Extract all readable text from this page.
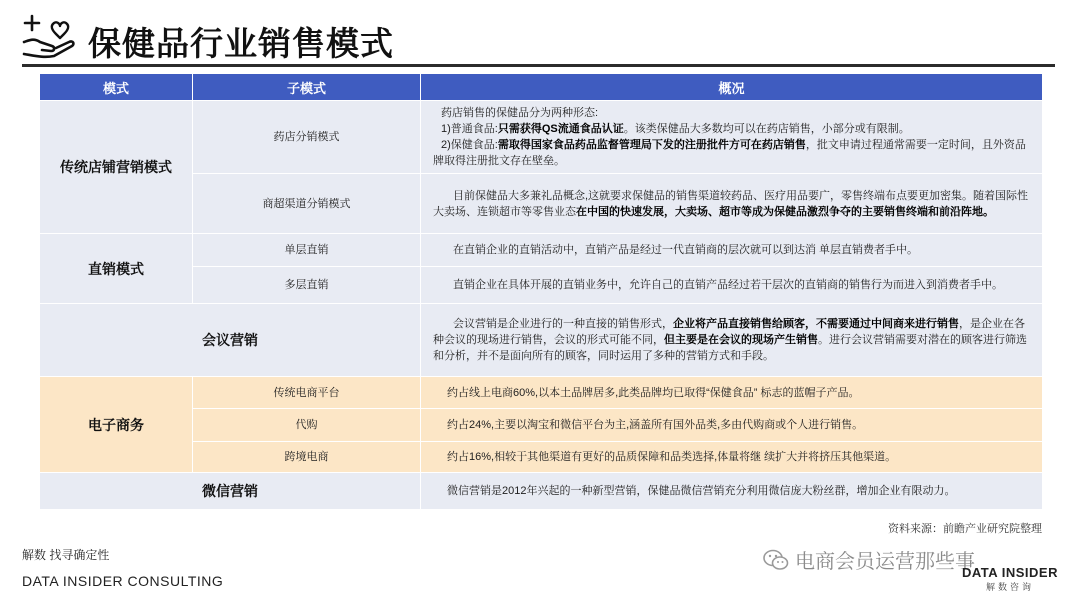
保健品行业销售模式
模式	子模式	概况
传统店铺营销模式	药店分销模式	药店销售的保健品分为两种形态:
1)普通食品:只需获得QS流通食品认证。该类保健品大多数均可以在药店销售，小部分或有限制。
2)保健食品:需取得国家食品药品监督管理局下发的注册批件方可在药店销售，批文申请过程通常需要一定时间，且外资品牌取得注册批文存在壁垒。

	商超渠道分销模式	目前保健品大多兼礼品概念,这就要求保健品的销售渠道较药品、医疗用品要广，零售终端布点要更加密集。随着国际性大卖场、连锁超市等零售业态在中国的快速发展，大卖场、超市等成为保健品激烈争夺的主要销售终端和前沿阵地。
直销模式	单层直销	在直销企业的直销活动中，直销产品是经过一代直销商的层次就可以到达消 单层直销费者手中。
	多层直销	直销企业在具体开展的直销业务中，允许自己的直销产品经过若干层次的直销商的销售行为而进入到消费者手中。
会议营销		会议营销是企业进行的一种直接的销售形式，企业将产品直接销售给顾客，不需要通过中间商来进行销售，是企业在各种会议的现场进行销售，会议的形式可能不同，但主要是在会议的现场产生销售。进行会议营销需要对潜在的顾客进行筛选和分析，并不是面向所有的顾客，同时运用了多种的营销方式和手段。
电子商务	传统电商平台	约占线上电商60%,以本土品牌居多,此类品牌均已取得“保健食品” 标志的蓝帽子产品。
	代购	约占24%,主要以淘宝和微信平台为主,涵盖所有国外品类,多由代购商或个人进行销售。
	跨境电商	约占16%,相较于其他渠道有更好的品质保障和品类选择,体量将继 续扩大并将挤压其他渠道。
微信营销		微信营销是2012年兴起的一种新型营销，保健品微信营销充分利用微信庞大粉丝群，增加企业有限动力。
资料来源：前瞻产业研究院整理
解数 找寻确定性
DATA INSIDER CONSULTING
电商会员运营那些事
DATA INSIDER
解数咨询
